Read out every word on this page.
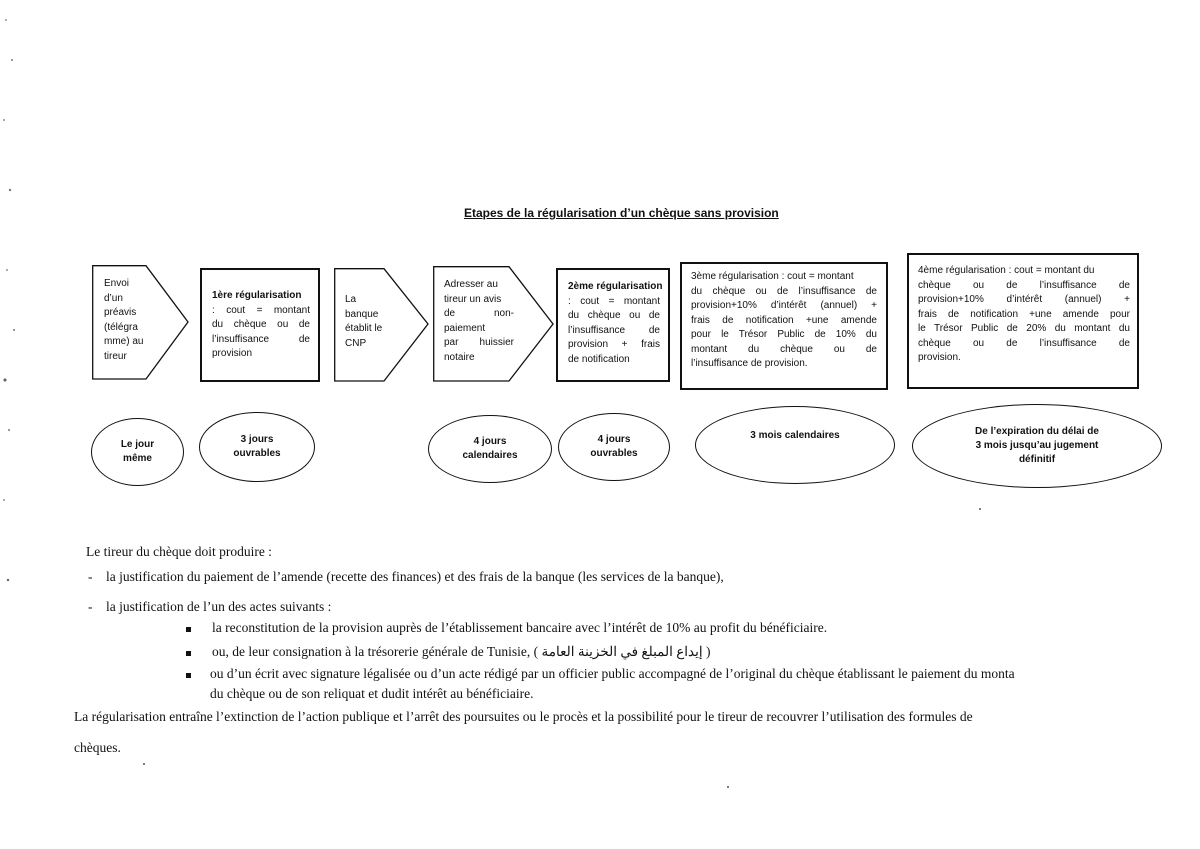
Etapes de la régularisation d’un chèque sans provision
Envoi
d’un
préavis
(télégra
mme) au
tireur
1ère régularisation
: cout = montant
du chèque ou de
l’insuffisance de
provision
La
banque
établit le
CNP
Adresser au
tireur un avis
de non-
paiement
par huissier
notaire
2ème régularisation
: cout = montant
du chèque ou de
l’insuffisance de
provision + frais
de notification
3ème régularisation : cout = montant
du chèque ou de l’insuffisance de
provision+10% d’intérêt (annuel) +
frais de notification +une amende
pour le Trésor Public de 10% du
montant du chèque ou de
l’insuffisance de provision.
4ème régularisation : cout = montant du
chèque ou de l’insuffisance de
provision+10% d’intérêt (annuel) +
frais de notification +une amende pour
le Trésor Public de 20% du montant du
chèque ou de l’insuffisance de
provision.
Le jour
même
3 jours
ouvrables
4 jours
calendaires
4 jours
ouvrables
3 mois calendaires	De l’expiration du délai de
3 mois jusqu’au jugement
définitif
Le tireur du chèque doit produire :
- la justification du paiement de l’amende (recette des finances) et des frais de la banque (les services de la banque),
- la justification de l’un des actes suivants :
la reconstitution de la provision auprès de l’établissement bancaire avec l’intérêt de 10% au profit du bénéficiaire.
ou, de leur consignation à la trésorerie générale de Tunisie, ( إيداع المبلغ في الخزينة العامة )
ou d’un écrit avec signature légalisée ou d’un acte rédigé par un officier public accompagné de l’original du chèque établissant le paiement du monta
du chèque ou de son reliquat et dudit intérêt au bénéficiaire.
La régularisation entraîne l’extinction de l’action publique et l’arrêt des poursuites ou le procès et la possibilité pour le tireur de recouvrer l’utilisation des formules de
chèques.
